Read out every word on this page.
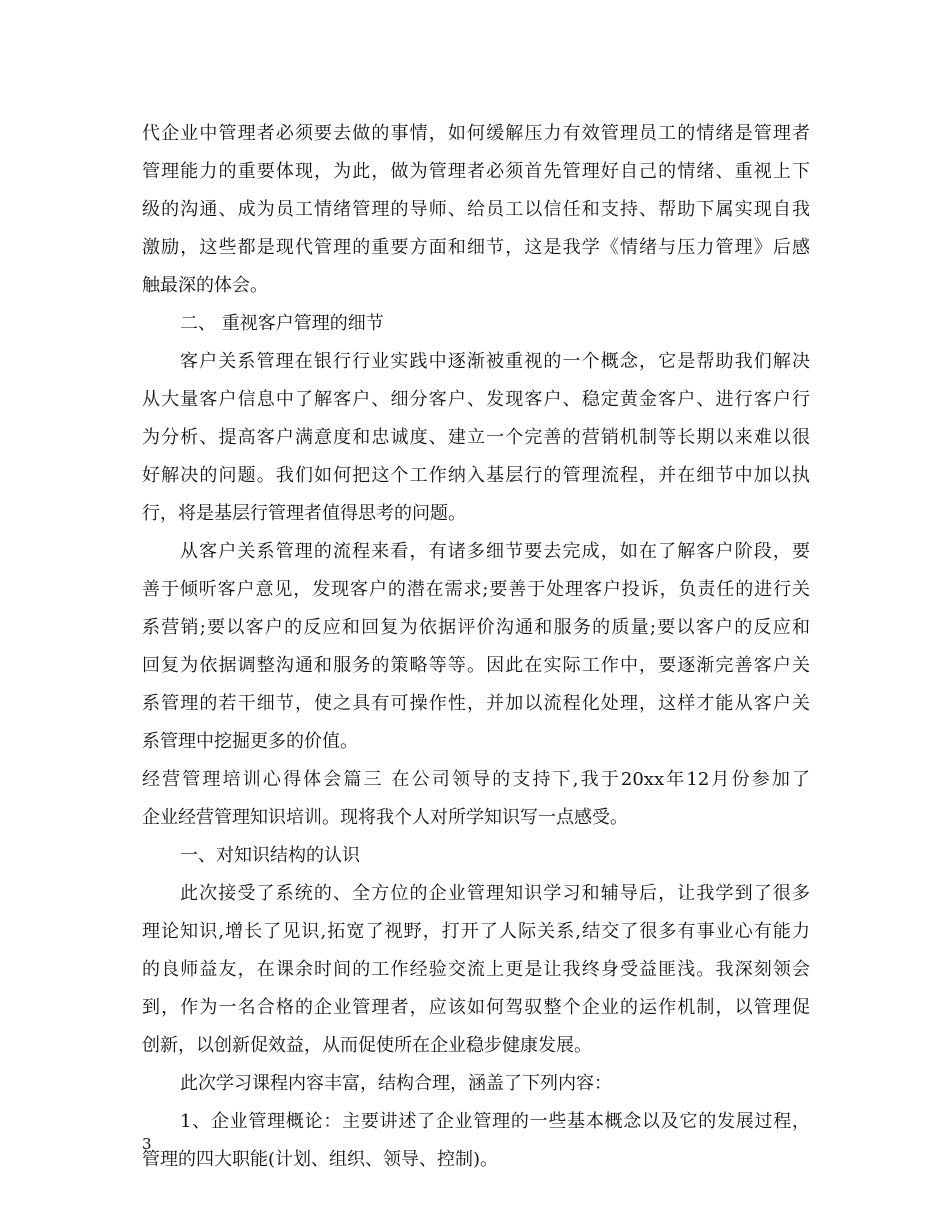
代企业中管理者必须要去做的事情，如何缓解压力有效管理员工的情绪是管理者
管理能力的重要体现，为此，做为管理者必须首先管理好自己的情绪、重视上下
级的沟通、成为员工情绪管理的导师、给员工以信任和支持、帮助下属实现自我
激励，这些都是现代管理的重要方面和细节，这是我学《情绪与压力管理》后感
触最深的体会。
二、 重视客户管理的细节
客户关系管理在银行行业实践中逐渐被重视的一个概念，它是帮助我们解决
从大量客户信息中了解客户、细分客户、发现客户、稳定黄金客户、进行客户行
为分析、提高客户满意度和忠诚度、建立一个完善的营销机制等长期以来难以很
好解决的问题。我们如何把这个工作纳入基层行的管理流程，并在细节中加以执
行，将是基层行管理者值得思考的问题。
从客户关系管理的流程来看，有诸多细节要去完成，如在了解客户阶段，要
善于倾听客户意见，发现客户的潜在需求;要善于处理客户投诉，负责任的进行关
系营销;要以客户的反应和回复为依据评价沟通和服务的质量;要以客户的反应和
回复为依据调整沟通和服务的策略等等。因此在实际工作中，要逐渐完善客户关
系管理的若干细节，使之具有可操作性，并加以流程化处理，这样才能从客户关
系管理中挖掘更多的价值。
经营管理培训心得体会篇三 在公司领导的支持下,我于20xx年12月份参加了
企业经营管理知识培训。现将我个人对所学知识写一点感受。
一、对知识结构的认识
此次接受了系统的、全方位的企业管理知识学习和辅导后，让我学到了很多
理论知识,增长了见识,拓宽了视野，打开了人际关系,结交了很多有事业心有能力
的良师益友，在课余时间的工作经验交流上更是让我终身受益匪浅。我深刻领会
到，作为一名合格的企业管理者，应该如何驾驭整个企业的运作机制，以管理促
创新，以创新促效益，从而促使所在企业稳步健康发展。
此次学习课程内容丰富，结构合理，涵盖了下列内容：
1、企业管理概论：主要讲述了企业管理的一些基本概念以及它的发展过程，
管理的四大职能(计划、组织、领导、控制)。
3
